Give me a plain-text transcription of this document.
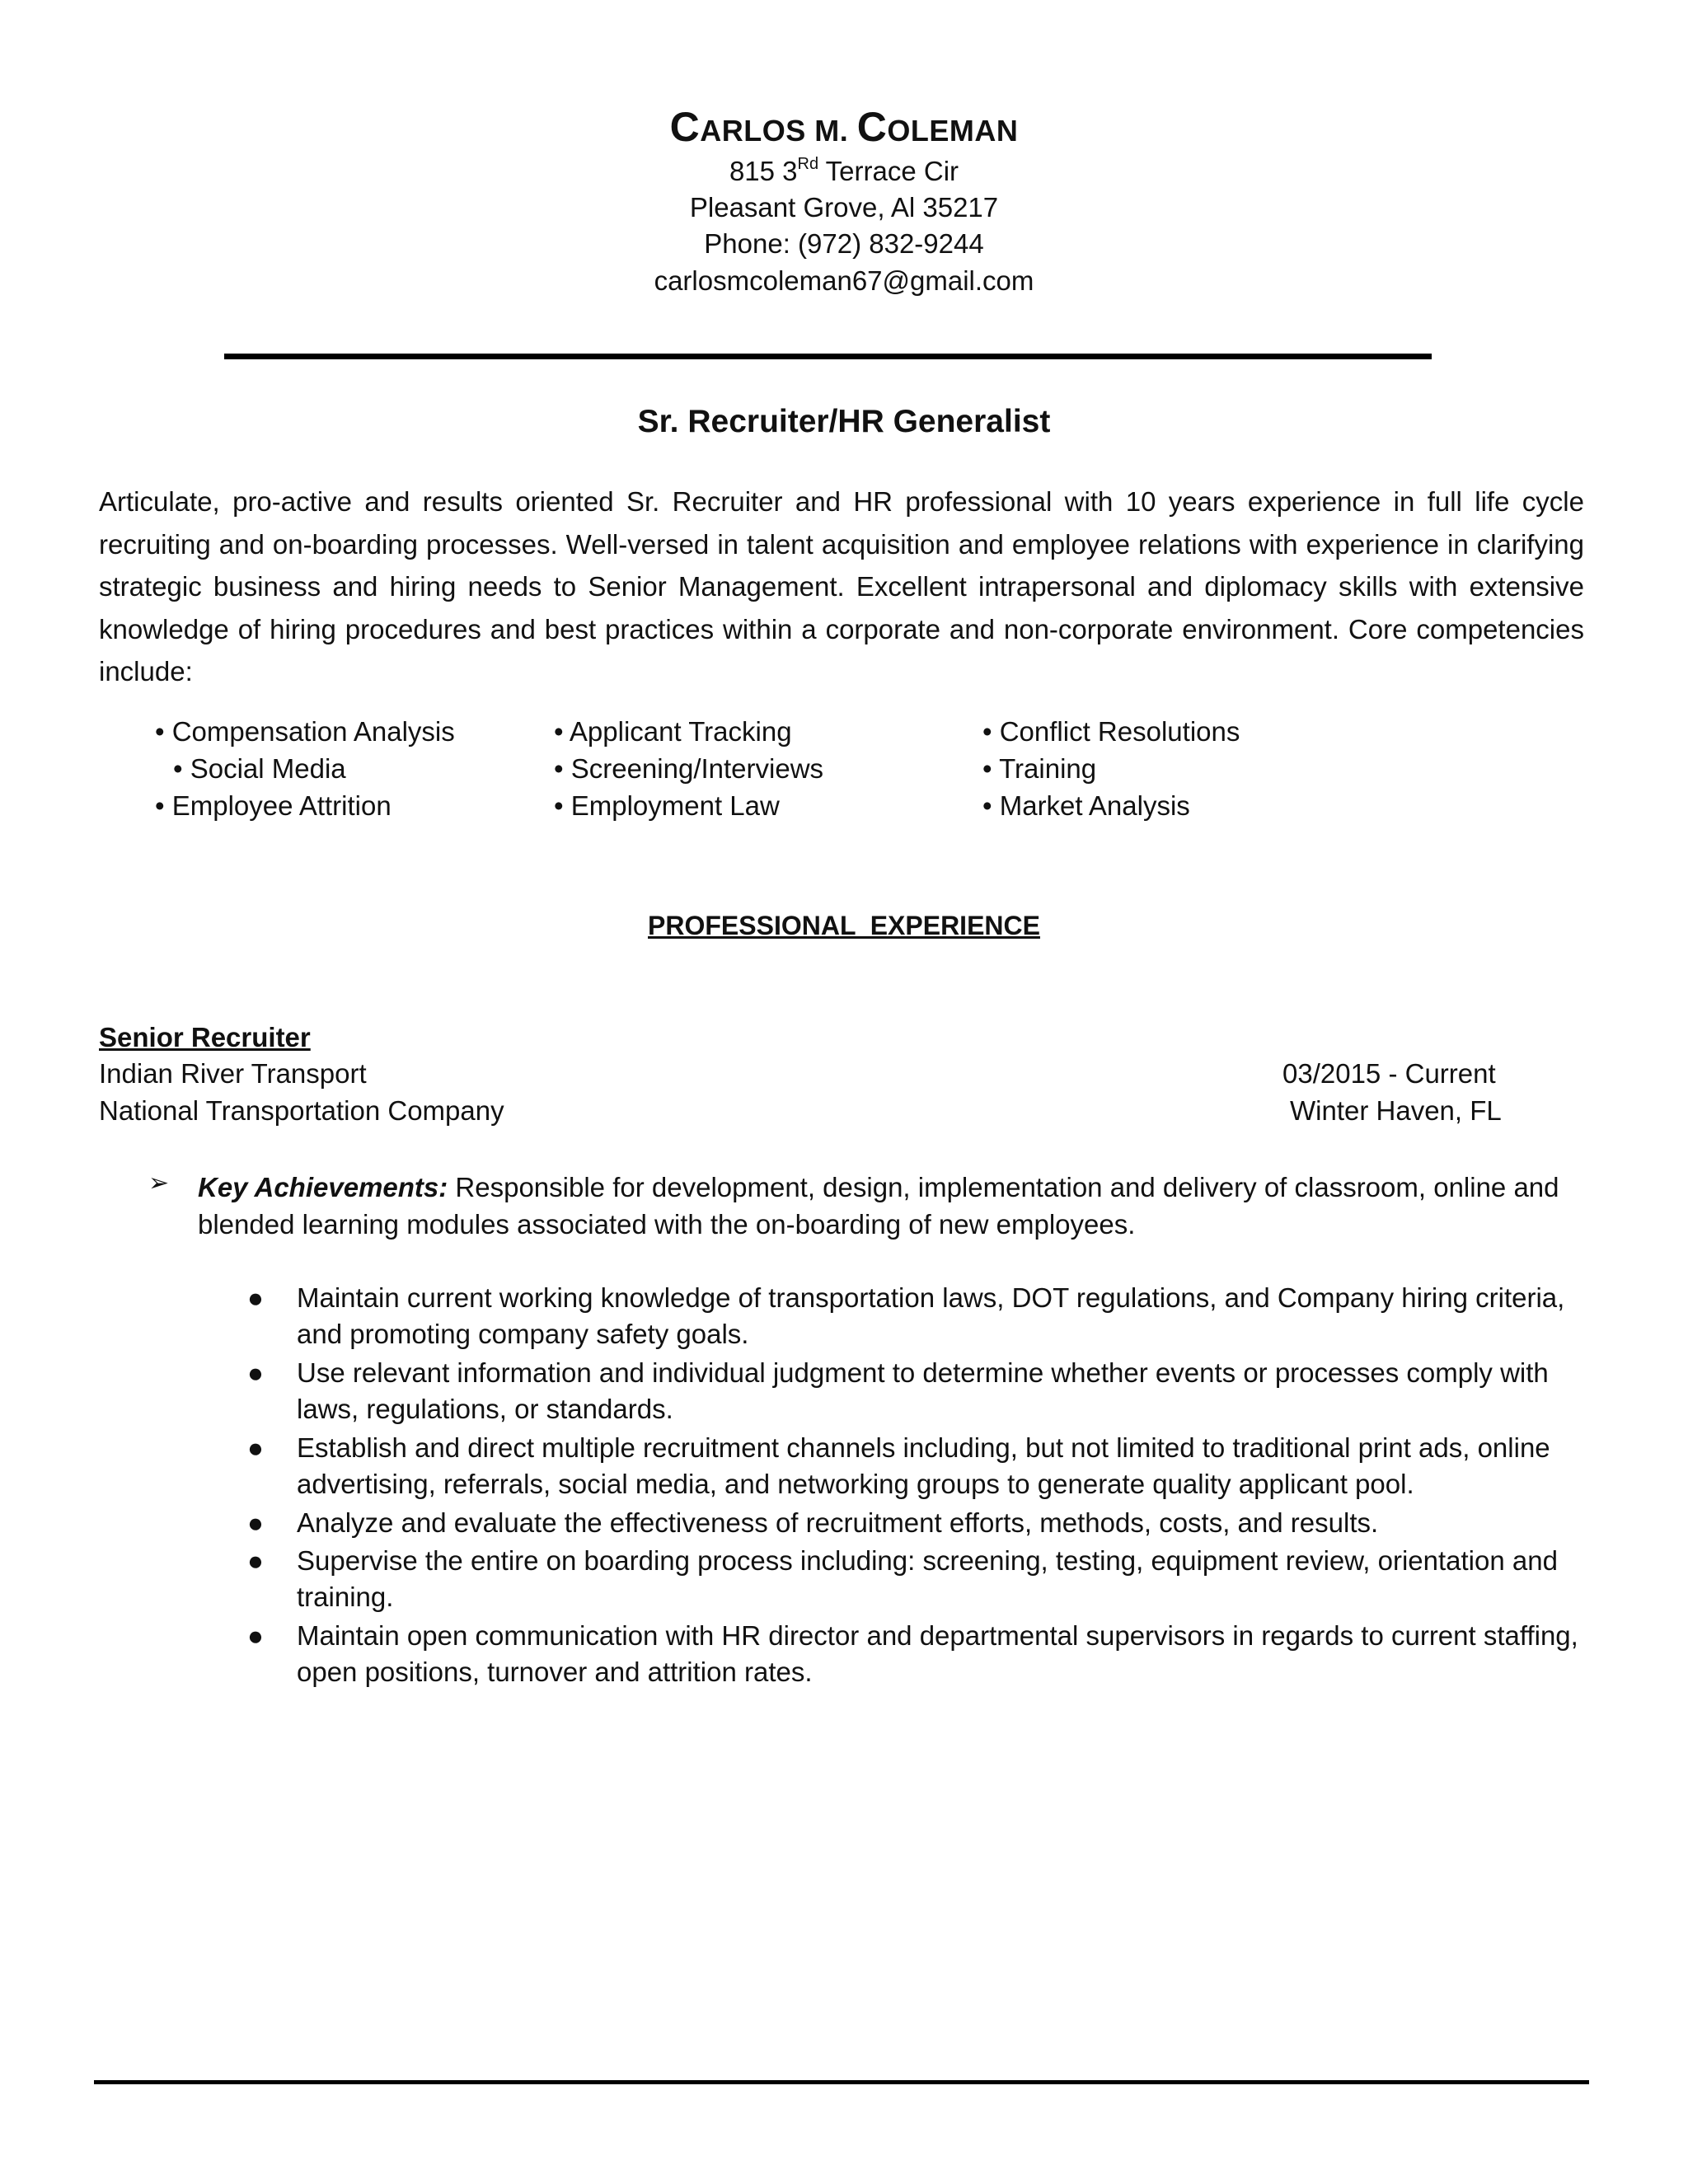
CARLOS M. COLEMAN
815 3Rd Terrace Cir
Pleasant Grove, Al 35217
Phone: (972) 832-9244
carlosmcoleman67@gmail.com
Sr. Recruiter/HR Generalist
Articulate, pro-active and results oriented Sr. Recruiter and HR professional with 10 years experience in full life cycle recruiting and on-boarding processes. Well-versed in talent acquisition and employee relations with experience in clarifying strategic business and hiring needs to Senior Management. Excellent intrapersonal and diplomacy skills with extensive knowledge of hiring procedures and best practices within a corporate and non-corporate environment. Core competencies include:
• Compensation Analysis	• Applicant Tracking	• Conflict Resolutions
• Social Media	• Screening/Interviews	• Training
• Employee Attrition	• Employment Law	• Market Analysis
PROFESSIONAL  EXPERIENCE
Senior Recruiter
Indian River Transport	03/2015 - Current
National Transportation Company	Winter Haven, FL
➢ Key Achievements: Responsible for development, design, implementation and delivery of classroom, online and blended learning modules associated with the on-boarding of new employees.
● Maintain current working knowledge of transportation laws, DOT regulations, and Company hiring criteria, and promoting company safety goals.
● Use relevant information and individual judgment to determine whether events or processes comply with laws, regulations, or standards.
● Establish and direct multiple recruitment channels including, but not limited to traditional print ads, online advertising, referrals, social media, and networking groups to generate quality applicant pool.
● Analyze and evaluate the effectiveness of recruitment efforts, methods, costs, and results.
● Supervise the entire on boarding process including: screening, testing, equipment review, orientation and training.
● Maintain open communication with HR director and departmental supervisors in regards to current staffing, open positions, turnover and attrition rates.
